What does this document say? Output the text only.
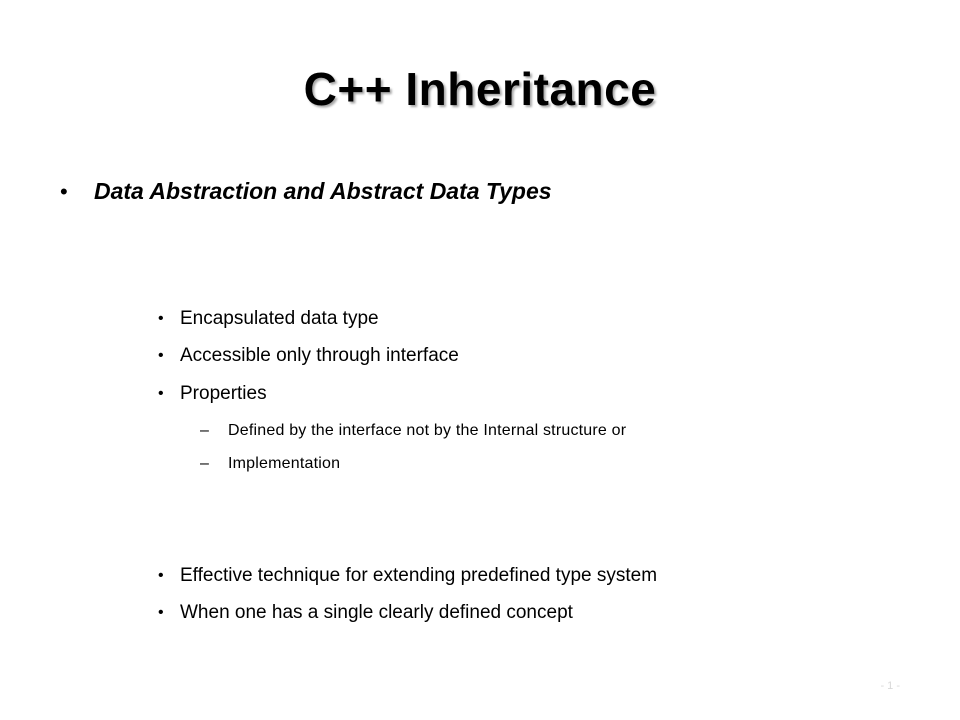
C++ Inheritance
•	Data Abstraction and Abstract Data Types
• Encapsulated data type
• Accessible only through interface
• Properties
–	Defined by the interface not by the Internal structure or
–	Implementation
• Effective technique for extending predefined type system
• When one has a single clearly defined concept
- 1 -
